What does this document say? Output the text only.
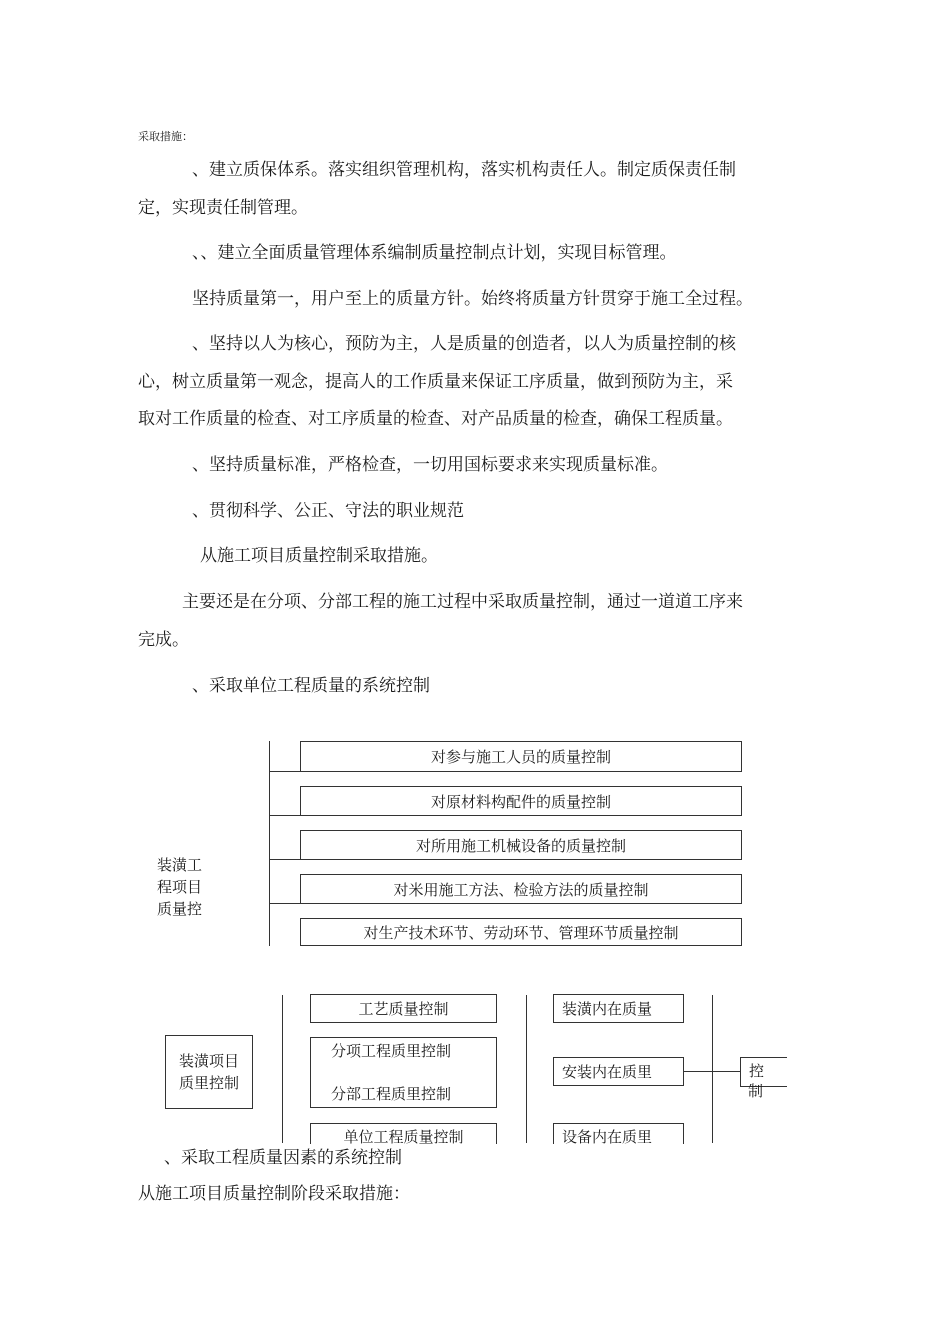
采取措施：
、建立质保体系。落实组织管理机构，落实机构责任人。制定质保责任制
定，实现责任制管理。
、、建立全面质量管理体系编制质量控制点计划，实现目标管理。
坚持质量第一，用户至上的质量方针。始终将质量方针贯穿于施工全过程。
、坚持以人为核心，预防为主，人是质量的创造者，以人为质量控制的核
心，树立质量第一观念，提高人的工作质量来保证工序质量，做到预防为主，采
取对工作质量的检查、对工序质量的检查、对产品质量的检查，确保工程质量。
、坚持质量标准，严格检查，一切用国标要求来实现质量标准。
、贯彻科学、公正、守法的职业规范
从施工项目质量控制采取措施。
主要还是在分项、分部工程的施工过程中采取质量控制，通过一道道工序来
完成。
、采取单位工程质量的系统控制
对参与施工人员的质量控制
对原材料构配件的质量控制
对所用施工机械设备的质量控制
对米用施工方法、检验方法的质量控制
对生产技术环节、劳动环节、管理环节质量控制
装潢工
程项目
质量控
装潢项目
质里控制
工艺质量控制
分项工程质里控制
分部工程质里控制
单位工程质量控制
装潢内在质量
安装内在质里
设备内在质里
控
制
、采取工程质量因素的系统控制
从施工项目质量控制阶段采取措施：
